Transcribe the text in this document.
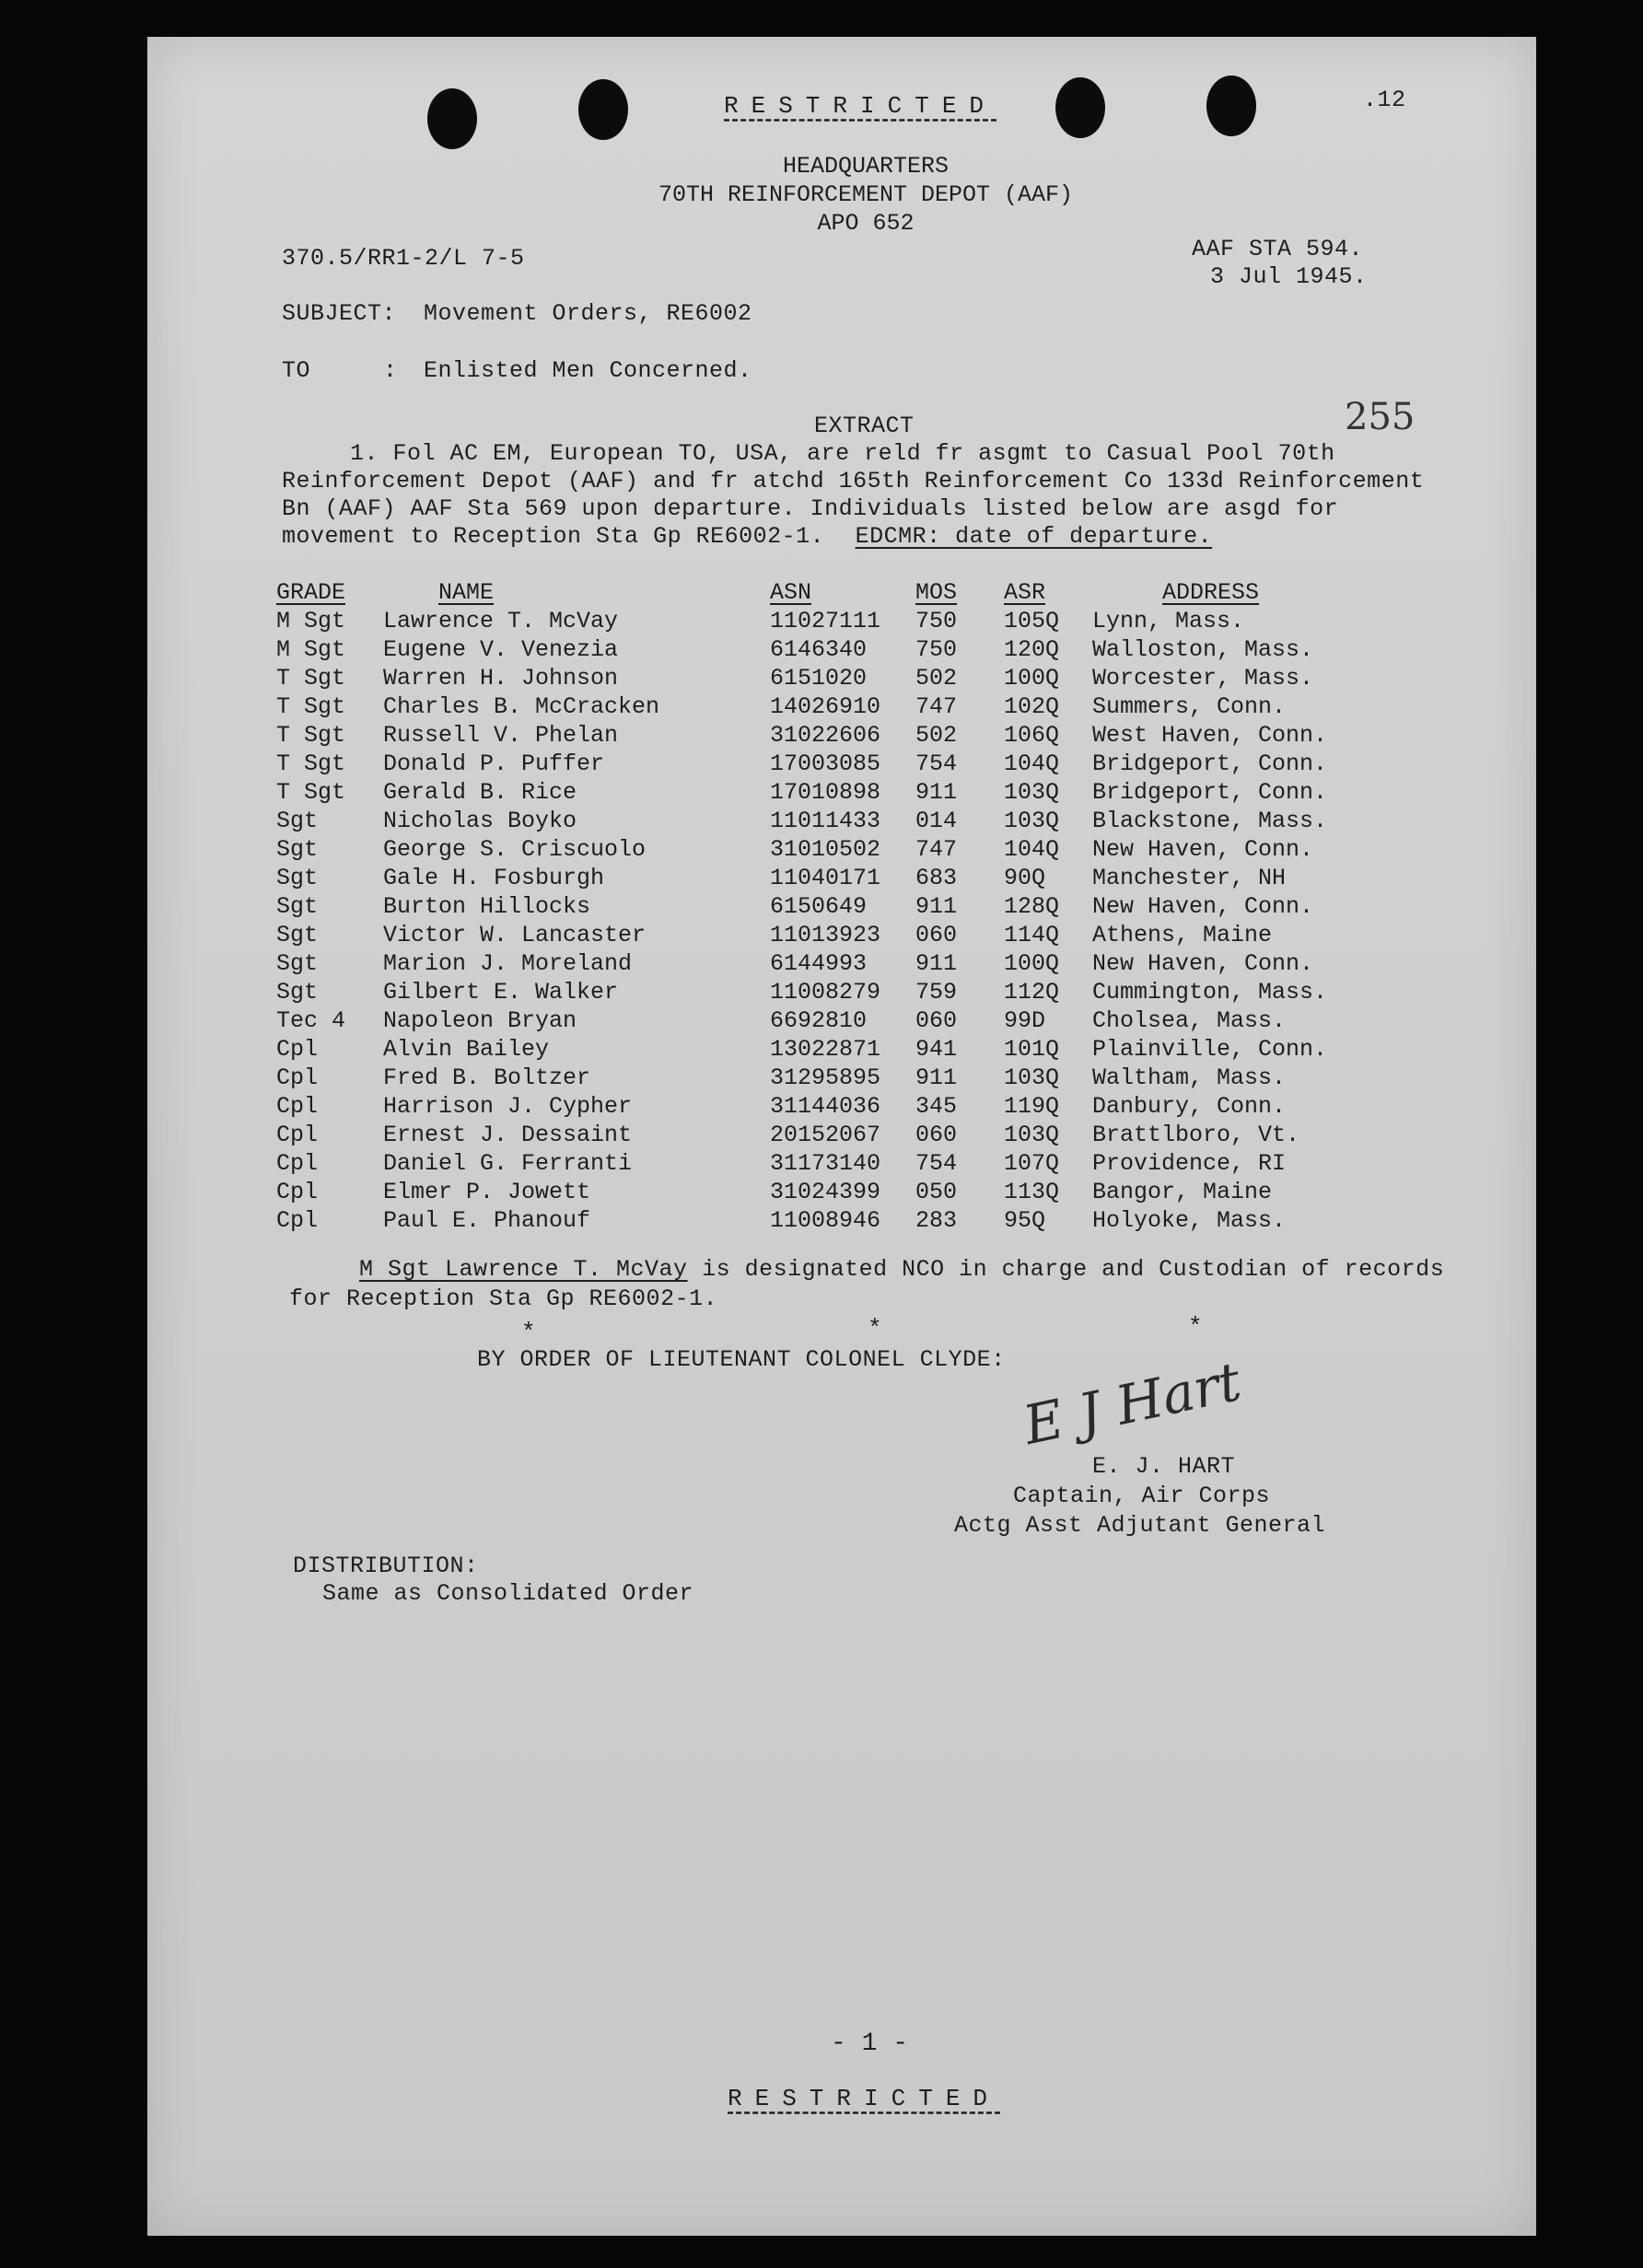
RESTRICTED	.12
HEADQUARTERS
70TH REINFORCEMENT DEPOT (AAF)
APO 652
370.5/RR1-2/L 7-5	AAF STA 594.
3 Jul 1945.
SUBJECT: Movement Orders, RE6002
TO	: Enlisted Men Concerned.
EXTRACT	255
1. Fol AC EM, European TO, USA, are reld fr asgmt to Casual Pool 70th
Reinforcement Depot (AAF) and fr atchd 165th Reinforcement Co 133d Reinforcement
Bn (AAF) AAF Sta 569 upon departure. Individuals listed below are asgd for
movement to Reception Sta Gp RE6002-1. EDCMR: date of departure.
GRADE	NAME	ASN	MOS	ASR	ADDRESS
M Sgt	Lawrence T. McVay	11027111	750	105Q	Lynn, Mass.
M Sgt	Eugene V. Venezia	6146340	750	120Q	Walloston, Mass.
T Sgt	Warren H. Johnson	6151020	502	100Q	Worcester, Mass.
T Sgt	Charles B. McCracken	14026910	747	102Q	Summers, Conn.
T Sgt	Russell V. Phelan	31022606	502	106Q	West Haven, Conn.
T Sgt	Donald P. Puffer	17003085	754	104Q	Bridgeport, Conn.
T Sgt	Gerald B. Rice	17010898	911	103Q	Bridgeport, Conn.
Sgt	Nicholas Boyko	11011433	014	103Q	Blackstone, Mass.
Sgt	George S. Criscuolo	31010502	747	104Q	New Haven, Conn.
Sgt	Gale H. Fosburgh	11040171	683	90Q	Manchester, NH
Sgt	Burton Hillocks	6150649	911	128Q	New Haven, Conn.
Sgt	Victor W. Lancaster	11013923	060	114Q	Athens, Maine
Sgt	Marion J. Moreland	6144993	911	100Q	New Haven, Conn.
Sgt	Gilbert E. Walker	11008279	759	112Q	Cummington, Mass.
Tec 4	Napoleon Bryan	6692810	060	99D	Cholsea, Mass.
Cpl	Alvin Bailey	13022871	941	101Q	Plainville, Conn.
Cpl	Fred B. Boltzer	31295895	911	103Q	Waltham, Mass.
Cpl	Harrison J. Cypher	31144036	345	119Q	Danbury, Conn.
Cpl	Ernest J. Dessaint	20152067	060	103Q	Brattlboro, Vt.
Cpl	Daniel G. Ferranti	31173140	754	107Q	Providence, RI
Cpl	Elmer P. Jowett	31024399	050	113Q	Bangor, Maine
Cpl	Paul E. Phanouf	11008946	283	95Q	Holyoke, Mass.
M Sgt Lawrence T. McVay is designated NCO in charge and Custodian of records
for Reception Sta Gp RE6002-1.
*	*	*
BY ORDER OF LIEUTENANT COLONEL CLYDE: E J Hart
E. J. HART
Captain, Air Corps
Actg Asst Adjutant General
DISTRIBUTION:
Same as Consolidated Order
- 1 -
RESTRICTED
